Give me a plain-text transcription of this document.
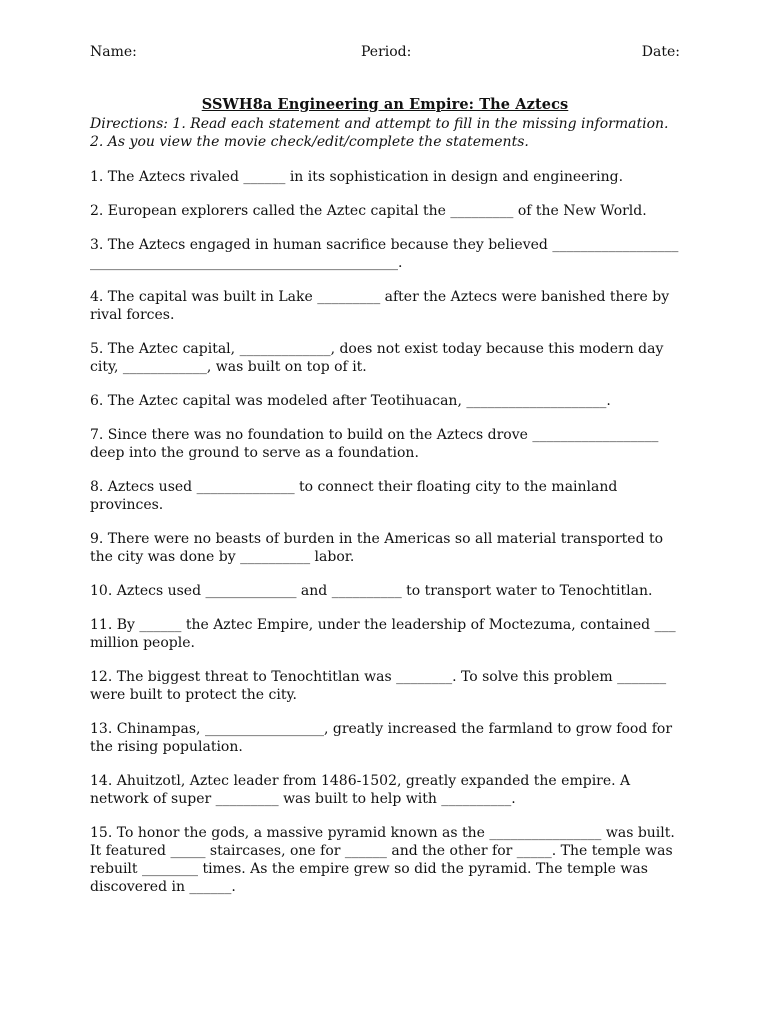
Name:	Period:	Date:
SSWH8a Engineering an Empire: The Aztecs
Directions: 1. Read each statement and attempt to fill in the missing information. 2. As you view the movie check/edit/complete the statements.
1. The Aztecs rivaled ______ in its sophistication in design and engineering.
2. European explorers called the Aztec capital the _________ of the New World.
3. The Aztecs engaged in human sacrifice because they believed ______________________________________________________________.
4. The capital was built in Lake _________ after the Aztecs were banished there by rival forces.
5. The Aztec capital, _____________, does not exist today because this modern day city, ____________, was built on top of it.
6. The Aztec capital was modeled after Teotihuacan, ____________________.
7. Since there was no foundation to build on the Aztecs drove __________________ deep into the ground to serve as a foundation.
8. Aztecs used ______________ to connect their floating city to the mainland provinces.
9. There were no beasts of burden in the Americas so all material transported to the city was done by __________ labor.
10. Aztecs used _____________ and __________ to transport water to Tenochtitlan.
11. By ______ the Aztec Empire, under the leadership of Moctezuma, contained ___ million people.
12. The biggest threat to Tenochtitlan was ________. To solve this problem _______ were built to protect the city.
13. Chinampas, _________________, greatly increased the farmland to grow food for the rising population.
14. Ahuitzotl, Aztec leader from 1486-1502, greatly expanded the empire. A network of super _________ was built to help with __________.
15. To honor the gods, a massive pyramid known as the ________________ was built. It featured _____ staircases, one for ______ and the other for _____. The temple was rebuilt ________ times. As the empire grew so did the pyramid. The temple was discovered in ______.
